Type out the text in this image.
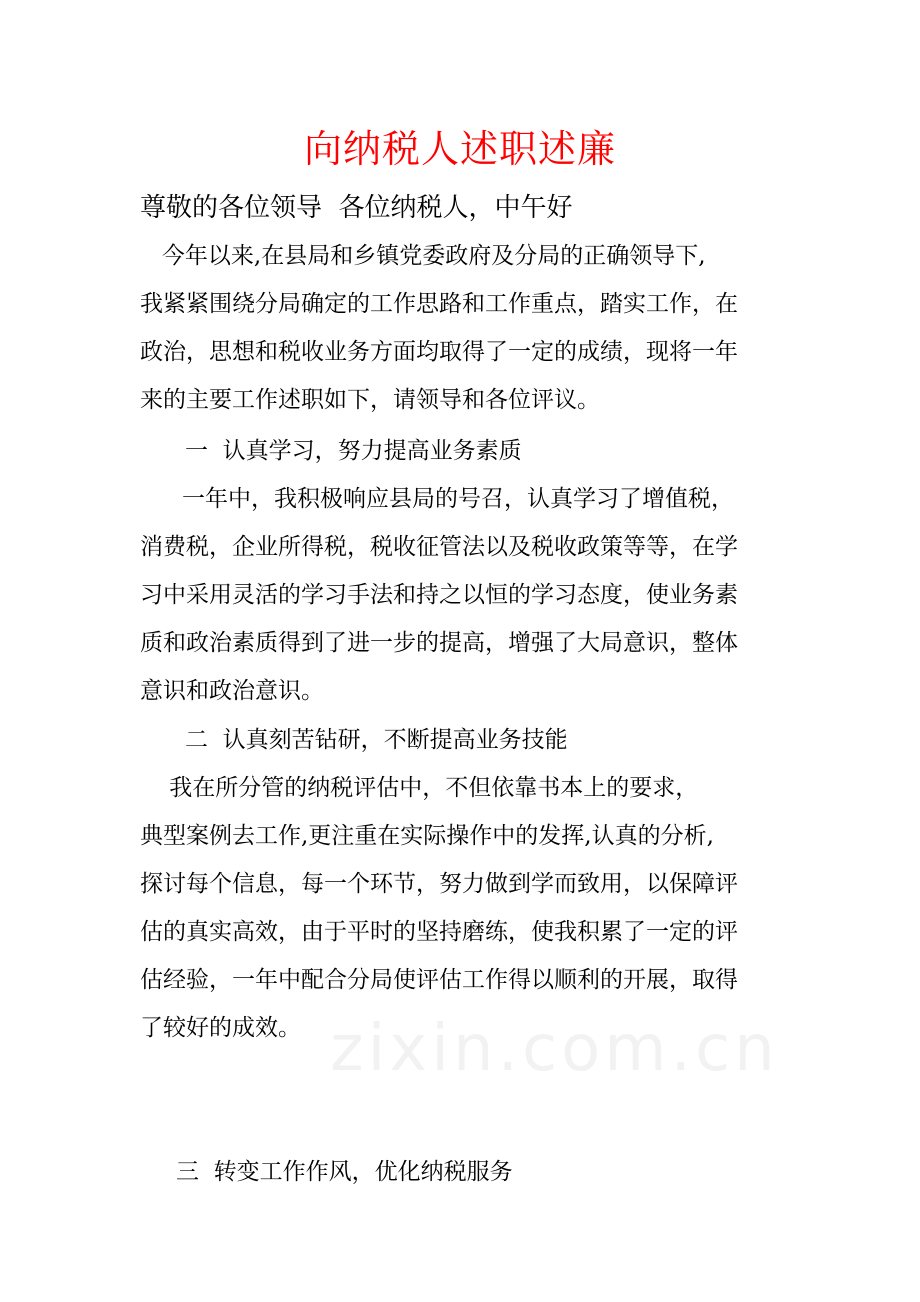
向纳税人述职述廉
尊敬的各位领导  各位纳税人，中午好
今年以来,在县局和乡镇党委政府及分局的正确领导下,
我紧紧围绕分局确定的工作思路和工作重点，踏实工作，在
政治，思想和税收业务方面均取得了一定的成绩，现将一年
来的主要工作述职如下，请领导和各位评议。
一  认真学习，努力提高业务素质
一年中，我积极响应县局的号召，认真学习了增值税，
消费税，企业所得税，税收征管法以及税收政策等等，在学
习中采用灵活的学习手法和持之以恒的学习态度，使业务素
质和政治素质得到了进一步的提高，增强了大局意识，整体
意识和政治意识。
二  认真刻苦钻研，不断提高业务技能
我在所分管的纳税评估中，不但依靠书本上的要求，
典型案例去工作,更注重在实际操作中的发挥,认真的分析,
探讨每个信息，每一个环节，努力做到学而致用，以保障评
估的真实高效，由于平时的坚持磨练，使我积累了一定的评
估经验，一年中配合分局使评估工作得以顺利的开展，取得
了较好的成效。 zixin.com.cn
三  转变工作作风，优化纳税服务
